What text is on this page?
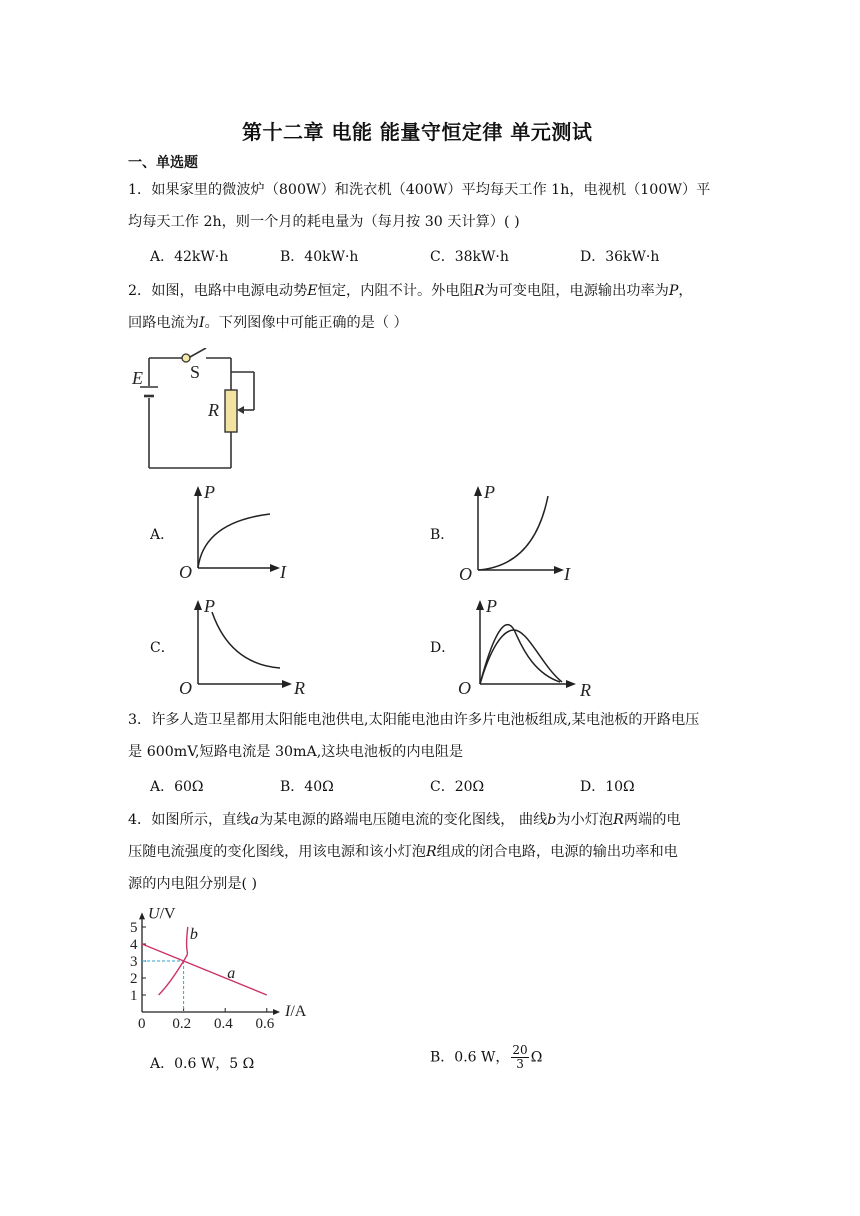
第十二章 电能 能量守恒定律 单元测试
一、单选题
1．如果家里的微波炉（800W）和洗衣机（400W）平均每天工作 1h，电视机（100W）平
均每天工作 2h，则一个月的耗电量为（每月按 30 天计算）( )
A．42kW·h	B．40kW·h	C．38kW·h	D．36kW·h
2．如图，电路中电源电动势E恒定，内阻不计。外电阻R为可变电阻，电源输出功率为P，
回路电流为I。下列图像中可能正确的是（ ）
E	S
R
A．	B．
C．	D．
P
I
O
P
I
O
P
R
O
P
R
O
3．许多人造卫星都用太阳能电池供电,太阳能电池由许多片电池板组成,某电池板的开路电压
是 600mV,短路电流是 30mA,这块电池板的内电阻是
A．60Ω	B．40Ω	C．20Ω	D．10Ω
4．如图所示，直线a为某电源的路端电压随电流的变化图线， 曲线b为小灯泡R两端的电
压随电流强度的变化图线，用该电源和该小灯泡R组成的闭合电路，电源的输出功率和电
源的内电阻分别是( )
1
2
3
4
5
0 0.2 0.4 0.6
U/V
I/A
b
a
A．0.6 W，5 Ω	B．0.6 W， $\frac{20}{3}$ Ω
